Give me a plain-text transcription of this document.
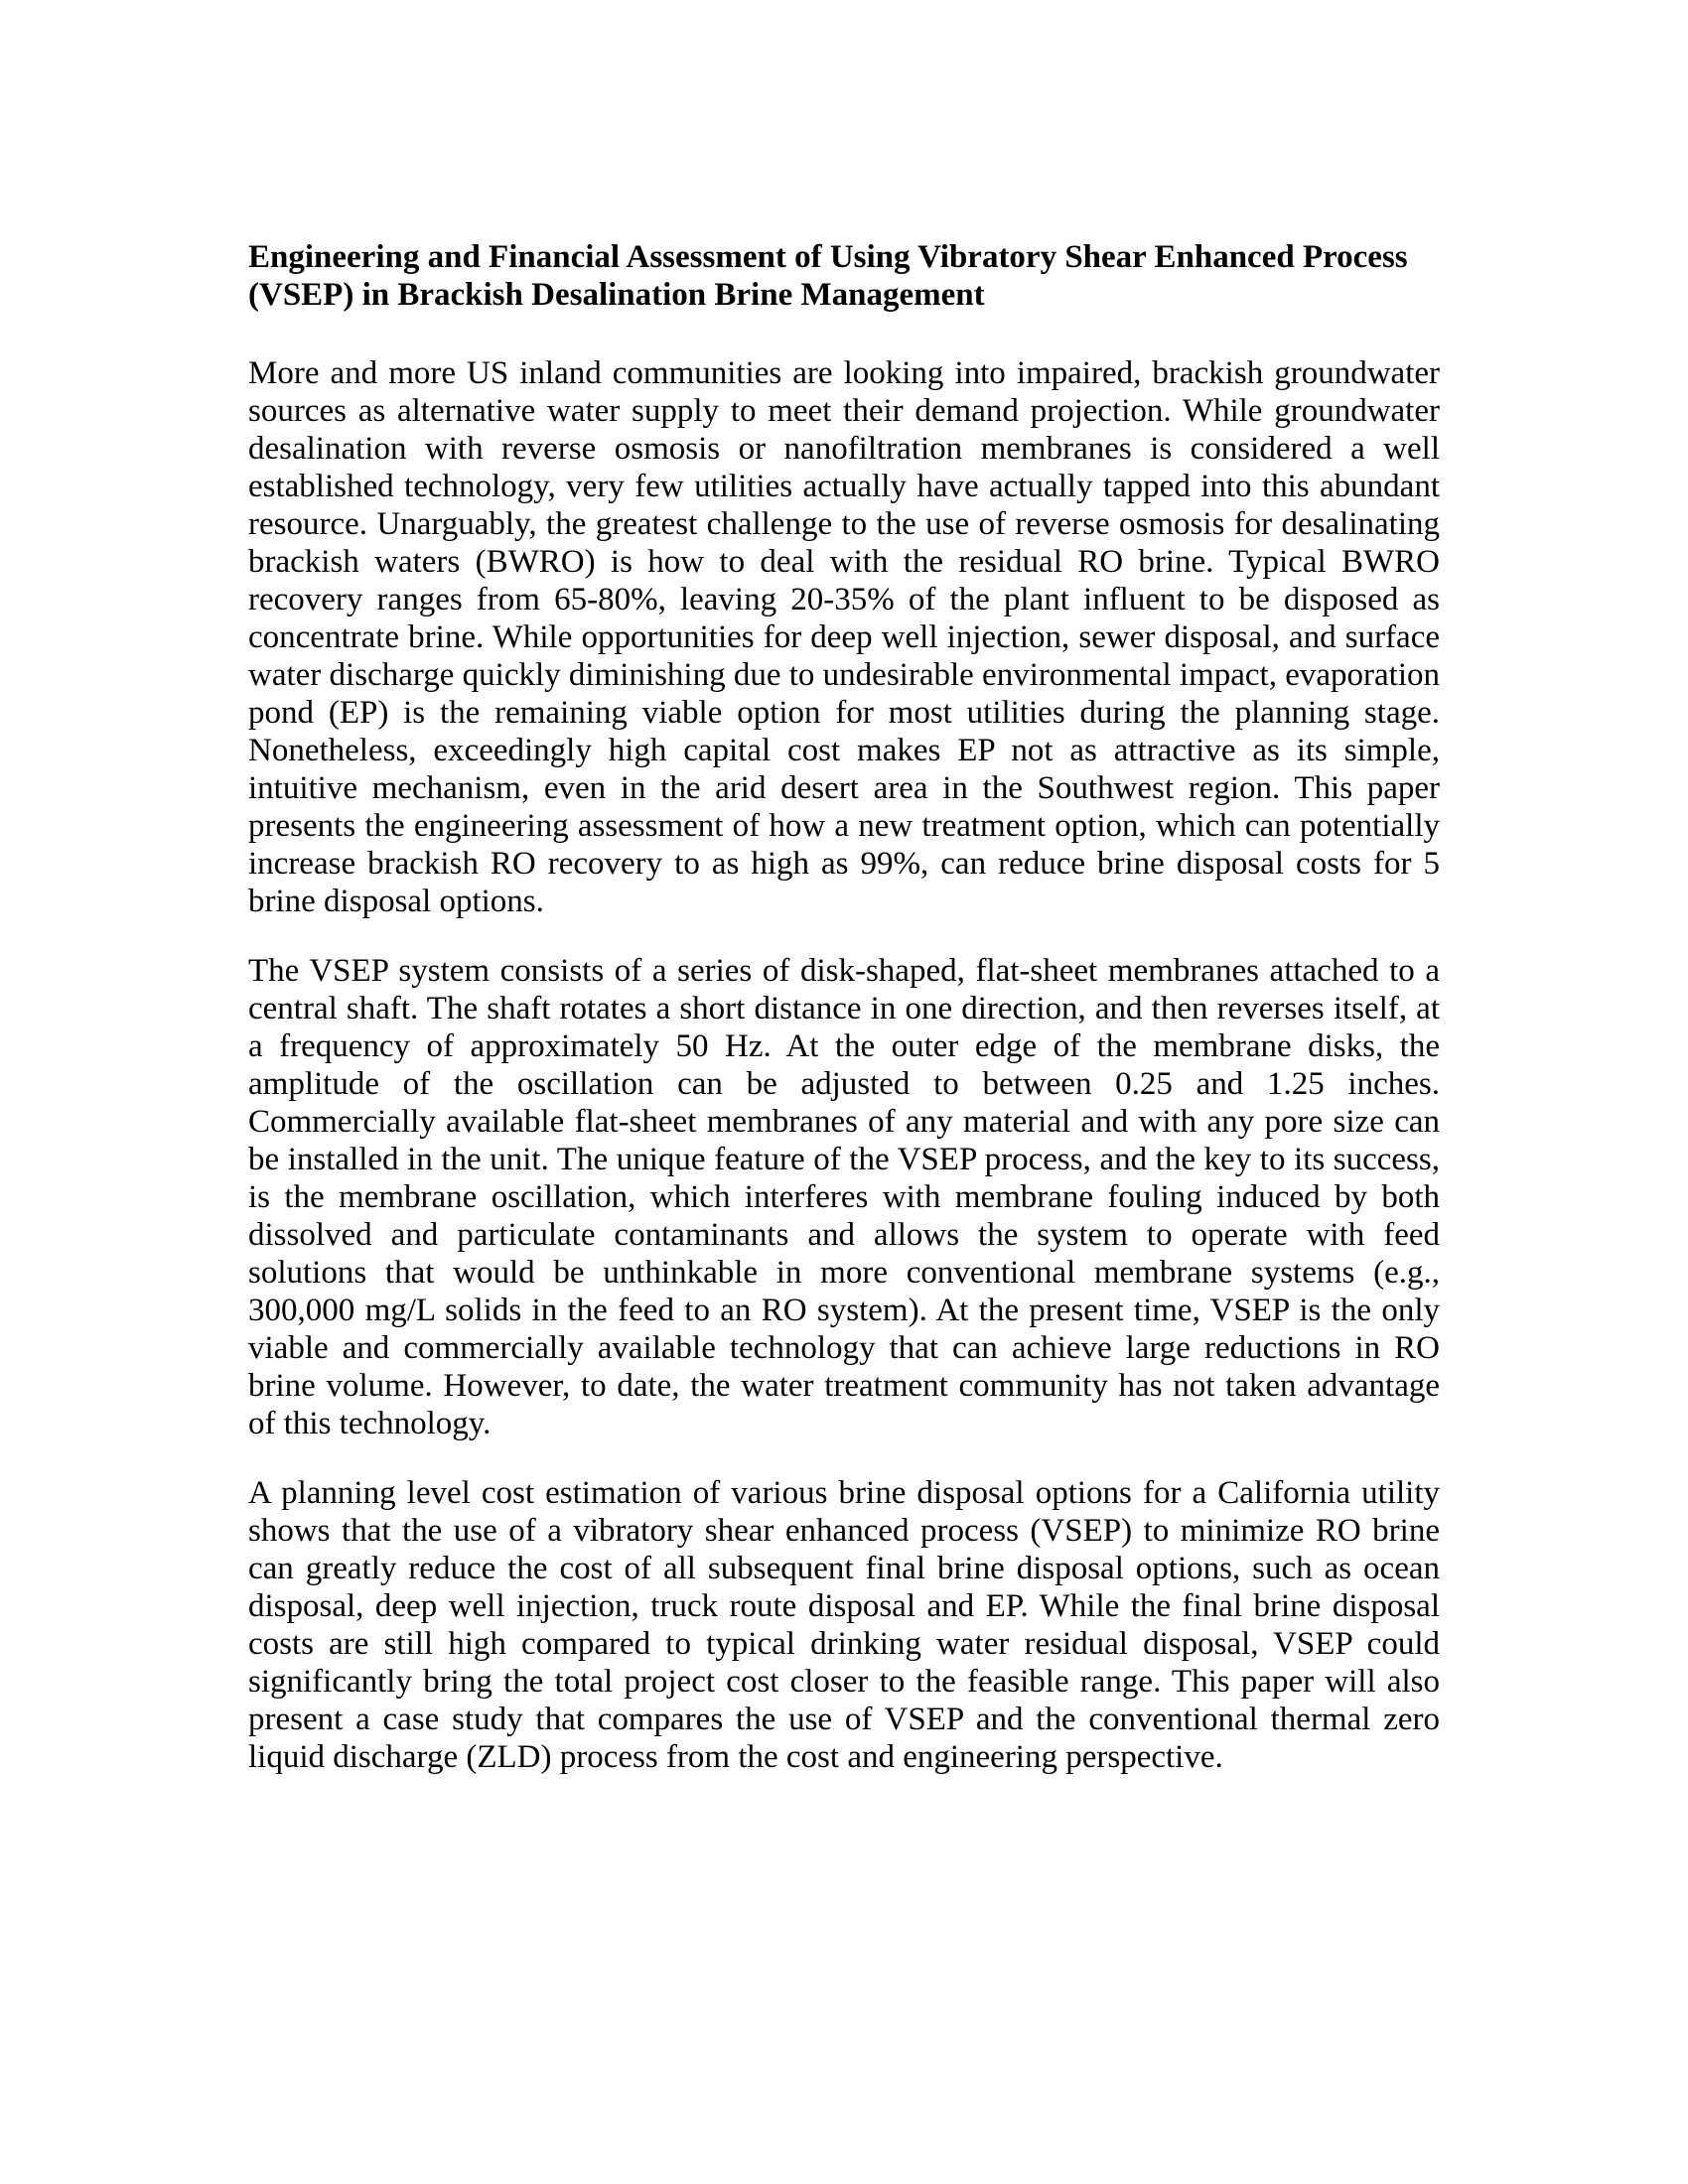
Engineering and Financial Assessment of Using Vibratory Shear Enhanced Process (VSEP) in Brackish Desalination Brine Management

More and more US inland communities are looking into impaired, brackish groundwater sources as alternative water supply to meet their demand projection. While groundwater desalination with reverse osmosis or nanofiltration membranes is considered a well established technology, very few utilities actually have actually tapped into this abundant resource. Unarguably, the greatest challenge to the use of reverse osmosis for desalinating brackish waters (BWRO) is how to deal with the residual RO brine. Typical BWRO recovery ranges from 65-80%, leaving 20-35% of the plant influent to be disposed as concentrate brine. While opportunities for deep well injection, sewer disposal, and surface water discharge quickly diminishing due to undesirable environmental impact, evaporation pond (EP) is the remaining viable option for most utilities during the planning stage. Nonetheless, exceedingly high capital cost makes EP not as attractive as its simple, intuitive mechanism, even in the arid desert area in the Southwest region. This paper presents the engineering assessment of how a new treatment option, which can potentially increase brackish RO recovery to as high as 99%, can reduce brine disposal costs for 5 brine disposal options.

The VSEP system consists of a series of disk-shaped, flat-sheet membranes attached to a central shaft. The shaft rotates a short distance in one direction, and then reverses itself, at a frequency of approximately 50 Hz. At the outer edge of the membrane disks, the amplitude of the oscillation can be adjusted to between 0.25 and 1.25 inches. Commercially available flat-sheet membranes of any material and with any pore size can be installed in the unit. The unique feature of the VSEP process, and the key to its success, is the membrane oscillation, which interferes with membrane fouling induced by both dissolved and particulate contaminants and allows the system to operate with feed solutions that would be unthinkable in more conventional membrane systems (e.g., 300,000 mg/L solids in the feed to an RO system). At the present time, VSEP is the only viable and commercially available technology that can achieve large reductions in RO brine volume. However, to date, the water treatment community has not taken advantage of this technology.

A planning level cost estimation of various brine disposal options for a California utility shows that the use of a vibratory shear enhanced process (VSEP) to minimize RO brine can greatly reduce the cost of all subsequent final brine disposal options, such as ocean disposal, deep well injection, truck route disposal and EP. While the final brine disposal costs are still high compared to typical drinking water residual disposal, VSEP could significantly bring the total project cost closer to the feasible range. This paper will also present a case study that compares the use of VSEP and the conventional thermal zero liquid discharge (ZLD) process from the cost and engineering perspective.
